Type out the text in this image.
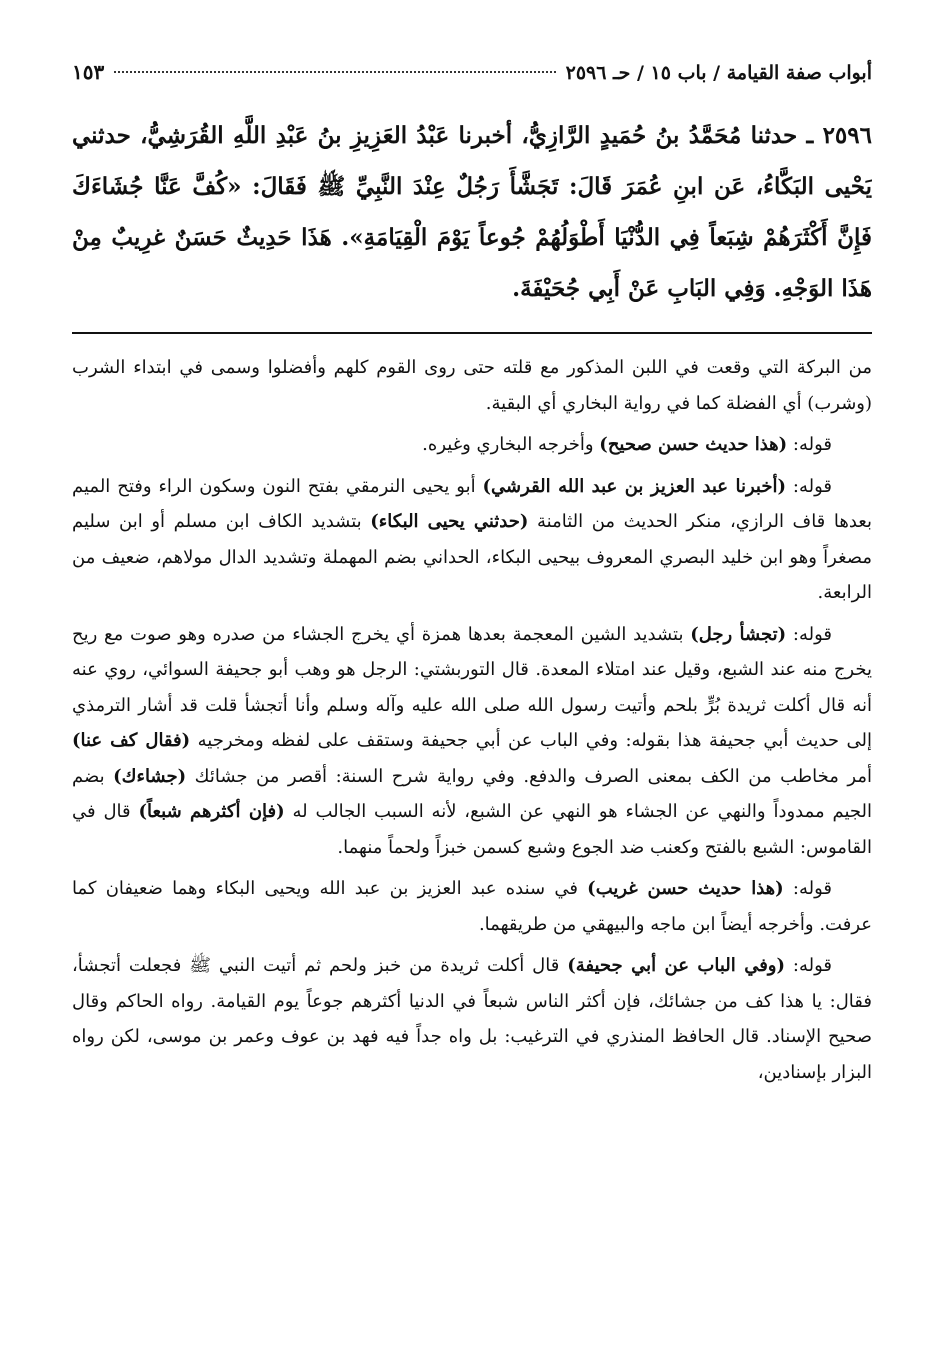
أبواب صفة القيامة / باب ١٥ / حـ ٢٥٩٦
١٥٣
٢٥٩٦ ـ حدثنا مُحَمَّدُ بنُ حُمَيدٍ الرَّازِيُّ، أخبرنا عَبْدُ العَزِيزِ بنُ عَبْدِ اللَّهِ القُرَشِيُّ، حدثني يَحْيى البَكَّاءُ، عَن ابنِ عُمَرَ قَالَ: تَجَشَّأَ رَجُلٌ عِنْدَ النَّبِيِّ ﷺ فَقَالَ: «كُفَّ عَنَّا جُشَاءَكَ فَإِنَّ أَكْثَرَهُمْ شِبَعاً فِي الدُّنْيَا أَطْوَلُهُمْ جُوعاً يَوْمَ الْقِيَامَةِ». هَذَا حَدِيثٌ حَسَنٌ غرِيبٌ مِنْ هَذَا الوَجْهِ. وَفِي البَابِ عَنْ أَبِي جُحَيْفَةَ.

من البركة التي وقعت في اللبن المذكور مع قلته حتى روى القوم كلهم وأفضلوا وسمى في ابتداء الشرب (وشرب) أي الفضلة كما في رواية البخاري أي البقية.

قوله: (هذا حديث حسن صحيح) وأخرجه البخاري وغيره.

قوله: (أخبرنا عبد العزيز بن عبد الله القرشي) أبو يحيى النرمقي بفتح النون وسكون الراء وفتح الميم بعدها قاف الرازي، منكر الحديث من الثامنة (حدثني يحيى البكاء) بتشديد الكاف ابن مسلم أو ابن سليم مصغراً وهو ابن خليد البصري المعروف بيحيى البكاء، الحداني بضم المهملة وتشديد الدال مولاهم، ضعيف من الرابعة.

قوله: (تجشأ رجل) بتشديد الشين المعجمة بعدها همزة أي يخرج الجشاء من صدره وهو صوت مع ريح يخرج منه عند الشبع، وقيل عند امتلاء المعدة. قال التوربشتي: الرجل هو وهب أبو جحيفة السوائي، روي عنه أنه قال أكلت ثريدة بُرٍّ بلحم وأتيت رسول الله صلى الله عليه وآله وسلم وأنا أتجشأ قلت قد أشار الترمذي إلى حديث أبي جحيفة هذا بقوله: وفي الباب عن أبي جحيفة وستقف على لفظه ومخرجيه (فقال كف عنا) أمر مخاطب من الكف بمعنى الصرف والدفع. وفي رواية شرح السنة: أقصر من جشائك (جشاءك) بضم الجيم ممدوداً والنهي عن الجشاء هو النهي عن الشبع، لأنه السبب الجالب له (فإن أكثرهم شبعاً) قال في القاموس: الشبع بالفتح وكعنب ضد الجوع وشبع كسمن خبزاً ولحماً منهما.

قوله: (هذا حديث حسن غريب) في سنده عبد العزيز بن عبد الله ويحيى البكاء وهما ضعيفان كما عرفت. وأخرجه أيضاً ابن ماجه والبيهقي من طريقهما.

قوله: (وفي الباب عن أبي جحيفة) قال أكلت ثريدة من خبز ولحم ثم أتيت النبي ﷺ فجعلت أتجشأ، فقال: يا هذا كف من جشائك، فإن أكثر الناس شبعاً في الدنيا أكثرهم جوعاً يوم القيامة. رواه الحاكم وقال صحيح الإسناد. قال الحافظ المنذري في الترغيب: بل واه جداً فيه فهد بن عوف وعمر بن موسى، لكن رواه البزار بإسنادين،
